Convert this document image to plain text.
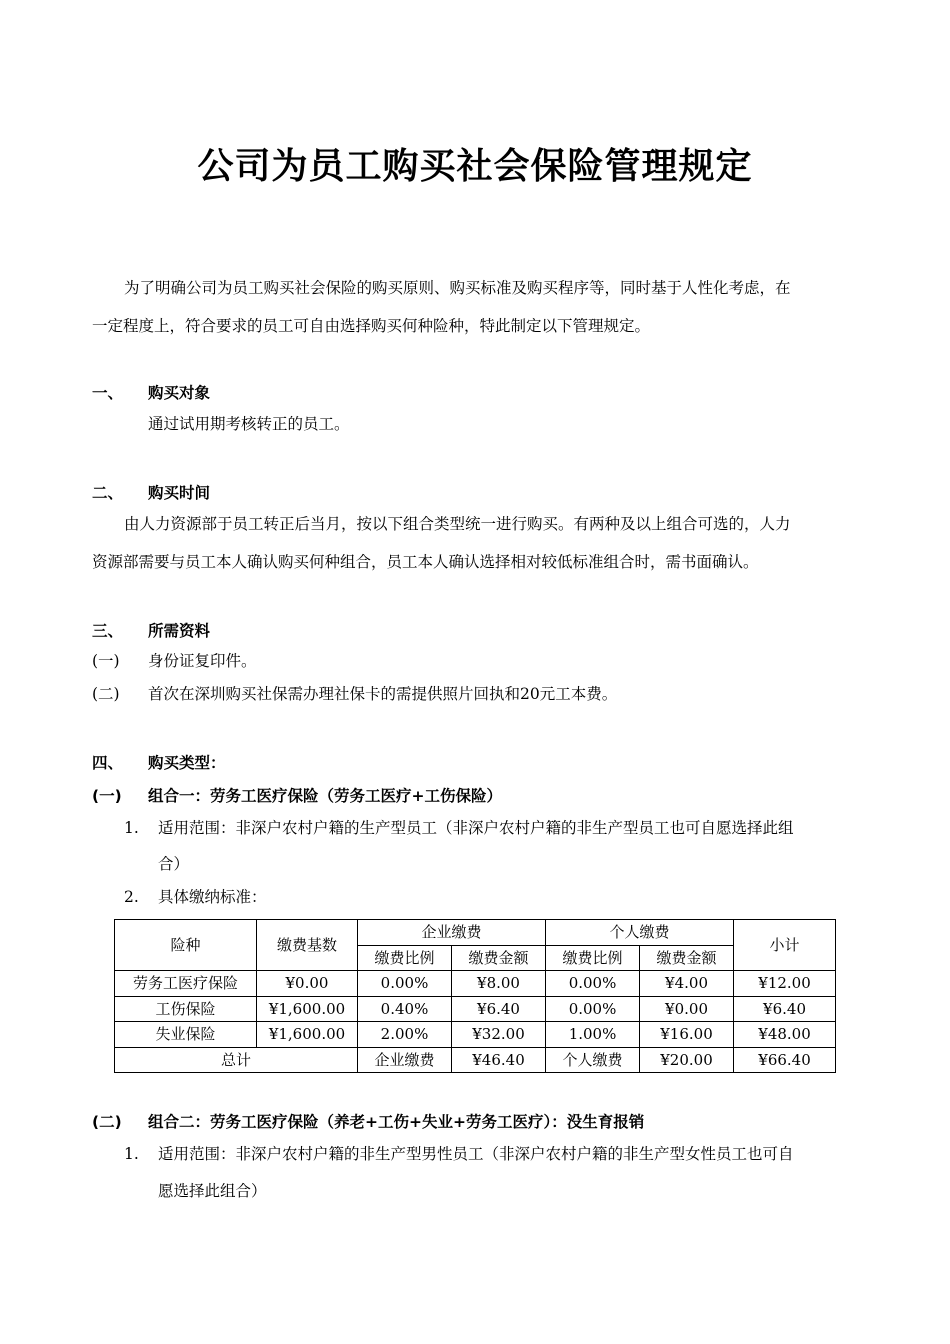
公司为员工购买社会保险管理规定
为了明确公司为员工购买社会保险的购买原则、购买标准及购买程序等，同时基于人性化考虑，在
一定程度上，符合要求的员工可自由选择购买何种险种，特此制定以下管理规定。
一、 购买对象
通过试用期考核转正的员工。
二、 购买时间
由人力资源部于员工转正后当月，按以下组合类型统一进行购买。有两种及以上组合可选的，人力
资源部需要与员工本人确认购买何种组合，员工本人确认选择相对较低标准组合时，需书面确认。
三、 所需资料
(一) 身份证复印件。
(二) 首次在深圳购买社保需办理社保卡的需提供照片回执和20元工本费。
四、 购买类型：
(一) 组合一：劳务工医疗保险（劳务工医疗+工伤保险）
1. 适用范围：非深户农村户籍的生产型员工（非深户农村户籍的非生产型员工也可自愿选择此组
合）
2. 具体缴纳标准：
险种	缴费基数	企业缴费		个人缴费		小计
		缴费比例	缴费金额	缴费比例	缴费金额	
劳务工医疗保险	¥0.00	0.00%	¥8.00	0.00%	¥4.00	¥12.00
工伤保险	¥1,600.00	0.40%	¥6.40	0.00%	¥0.00	¥6.40
失业保险	¥1,600.00	2.00%	¥32.00	1.00%	¥16.00	¥48.00
总计		企业缴费	¥46.40	个人缴费	¥20.00	¥66.40
(二) 组合二：劳务工医疗保险（养老+工伤+失业+劳务工医疗）：没生育报销
1. 适用范围：非深户农村户籍的非生产型男性员工（非深户农村户籍的非生产型女性员工也可自
愿选择此组合）
